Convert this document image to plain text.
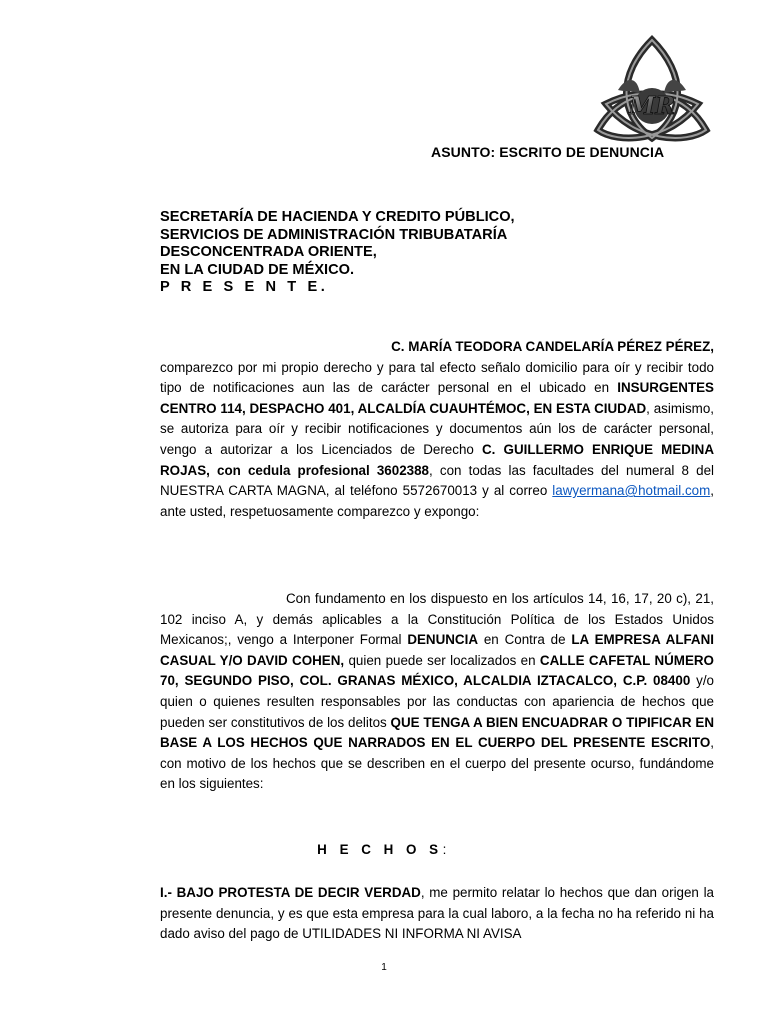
MR
ASUNTO: ESCRITO DE DENUNCIA
SECRETARÍA DE HACIENDA Y CREDITO PÚBLICO,
SERVICIOS DE ADMINISTRACIÓN TRIBUBATARÍA
DESCONCENTRADA ORIENTE,
EN LA CIUDAD DE MÉXICO.
P R E S E N T E.
C. MARÍA TEODORA CANDELARÍA PÉREZ PÉREZ,
comparezco por mi propio derecho y para tal efecto señalo domicilio para oír y recibir todo tipo de notificaciones aun las de carácter personal en el ubicado en INSURGENTES CENTRO 114, DESPACHO 401, ALCALDÍA CUAUHTÉMOC, EN ESTA CIUDAD, asimismo, se autoriza para oír y recibir notificaciones y documentos aún los de carácter personal, vengo a autorizar a los Licenciados de Derecho C. GUILLERMO ENRIQUE MEDINA ROJAS, con cedula profesional 3602388, con todas las facultades del numeral 8 del NUESTRA CARTA MAGNA, al teléfono 5572670013 y al correo lawyermana@hotmail.com, ante usted, respetuosamente comparezco y expongo:
Con fundamento en los dispuesto en los artículos 14, 16, 17, 20 c), 21, 102 inciso A, y demás aplicables a la Constitución Política de los Estados Unidos Mexicanos;, vengo a Interponer Formal DENUNCIA en Contra de LA EMPRESA ALFANI CASUAL Y/O DAVID COHEN, quien puede ser localizados en CALLE CAFETAL NÚMERO 70, SEGUNDO PISO, COL. GRANAS MÉXICO, ALCALDIA IZTACALCO, C.P. 08400 y/o quien o quienes resulten responsables por las conductas con apariencia de hechos que pueden ser constitutivos de los delitos QUE TENGA A BIEN ENCUADRAR O TIPIFICAR EN BASE A LOS HECHOS QUE NARRADOS EN EL CUERPO DEL PRESENTE ESCRITO, con motivo de los hechos que se describen en el cuerpo del presente ocurso, fundándome en los siguientes:
H E C H O S:
I.- BAJO PROTESTA DE DECIR VERDAD, me permito relatar lo hechos que dan origen la presente denuncia, y es que esta empresa para la cual laboro, a la fecha no ha referido ni ha dado aviso del pago de UTILIDADES NI INFORMA NI AVISA
1
